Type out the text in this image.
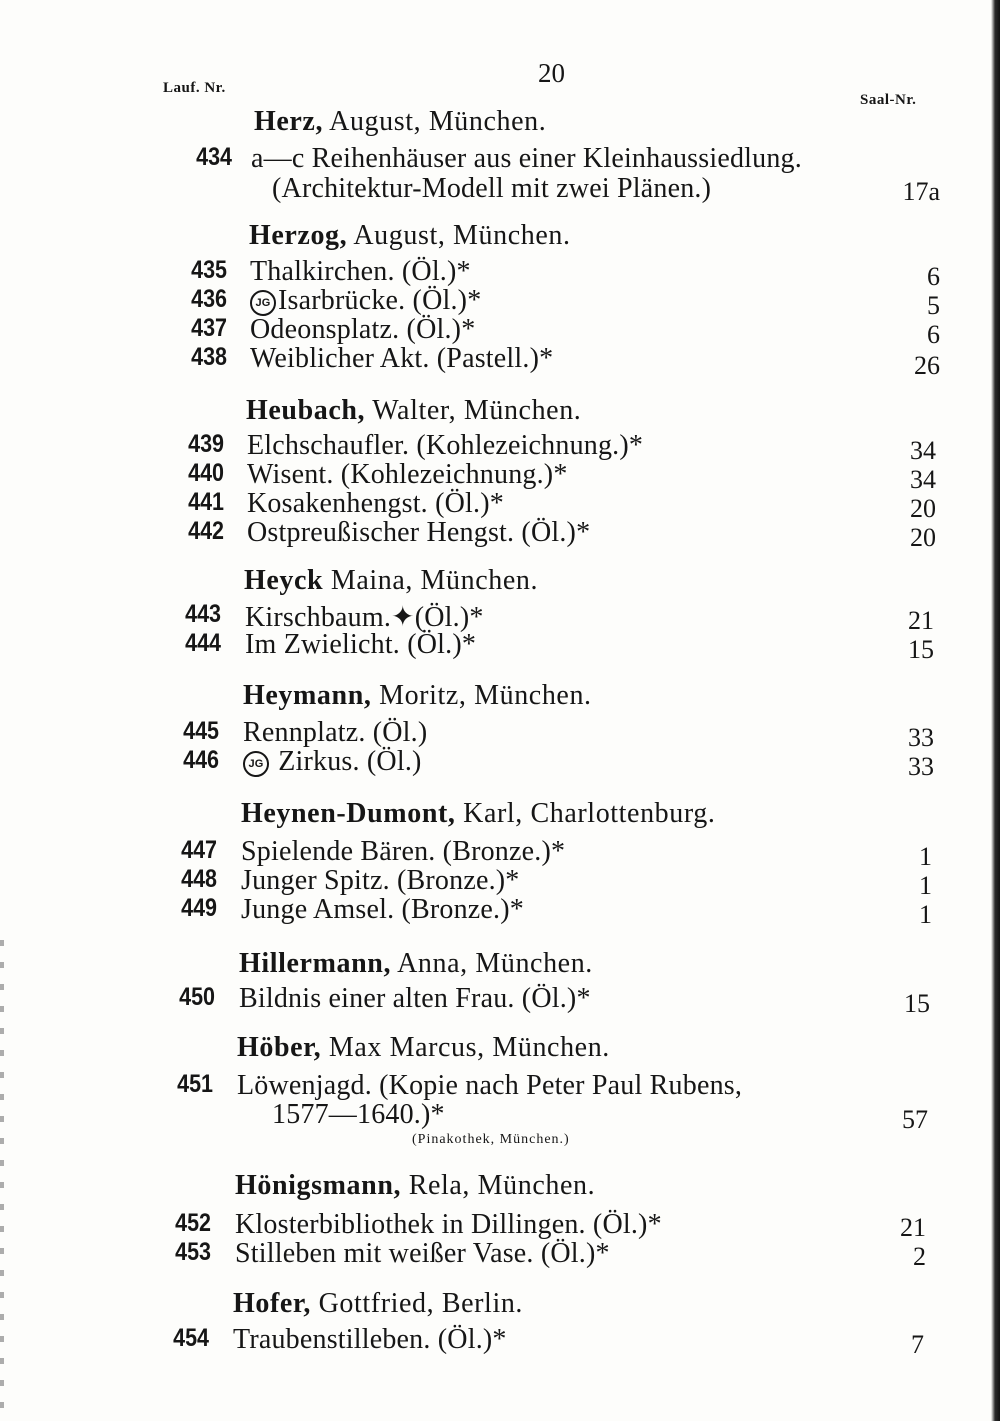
Lauf. Nr.	20
Saal-Nr.
Herz, August, München.
434 a—c Reihenhäuser aus einer Kleinhaussiedlung.
(Architektur-Modell mit zwei Plänen.)	17a
Herzog, August, München.
435 Thalkirchen. (Öl.)*	6
436	JG Isarbrücke. (Öl.)*	5
437 Odeonsplatz. (Öl.)*	6
438 Weiblicher Akt. (Pastell.)*	26
Heubach, Walter, München.
439 Elchschaufler. (Kohlezeichnung.)*	34
440 Wisent. (Kohlezeichnung.)*	34
441 Kosakenhengst. (Öl.)*	20
442 Ostpreußischer Hengst. (Öl.)*	20
Heyck Maina, München.
443 Kirschbaum.✦(Öl.)*	21
444 Im Zwielicht. (Öl.)*	15
Heymann, Moritz, München.
445 Rennplatz. (Öl.)	33
446	JG Zirkus. (Öl.)	33
Heynen-Dumont, Karl, Charlottenburg.
447 Spielende Bären. (Bronze.)*	1
448 Junger Spitz. (Bronze.)*	1
449 Junge Amsel. (Bronze.)*	1
Hillermann, Anna, München.
450 Bildnis einer alten Frau. (Öl.)*	15
Höber, Max Marcus, München.
451 Löwenjagd. (Kopie nach Peter Paul Rubens,
1577—1640.)*	57
(Pinakothek, München.)
Hönigsmann, Rela, München.
452 Klosterbibliothek in Dillingen. (Öl.)*	21
453 Stilleben mit weißer Vase. (Öl.)*	2
Hofer, Gottfried, Berlin.
454 Traubenstilleben. (Öl.)*	7
